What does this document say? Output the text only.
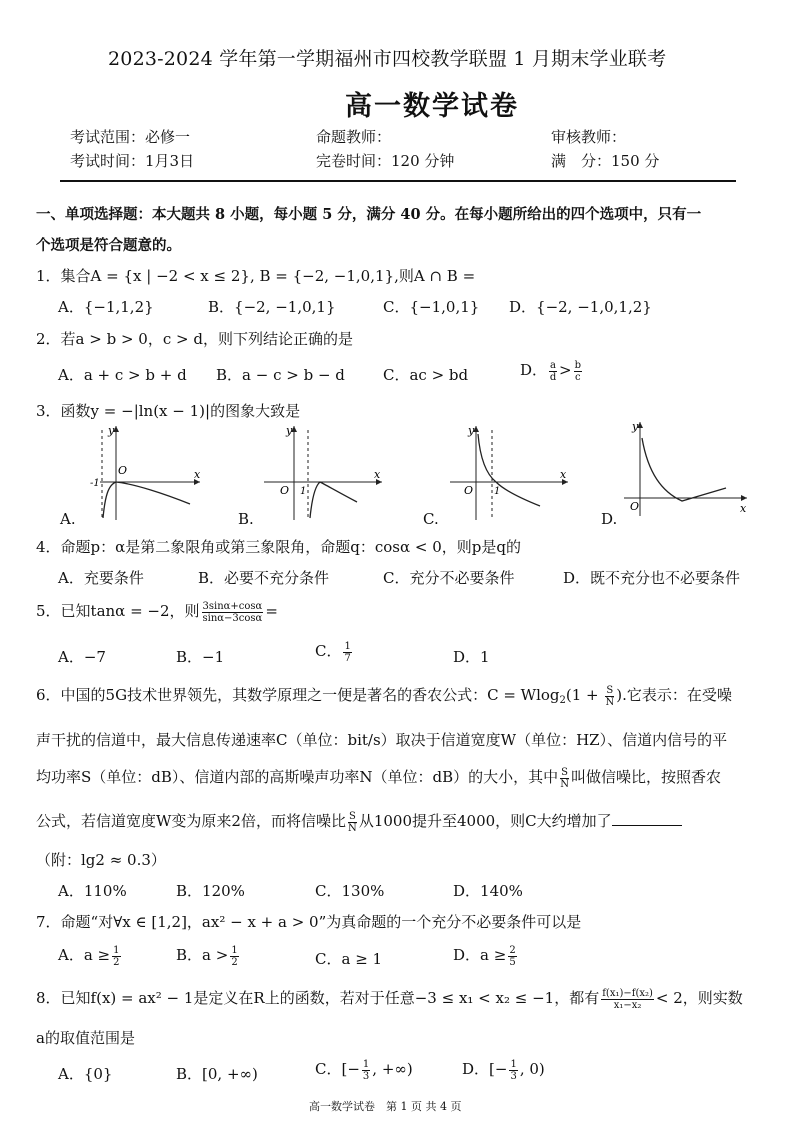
2023-2024 学年第一学期福州市四校教学联盟 1 月期末学业联考
高一数学试卷
考试范围：必修一	命题教师：	审核教师：
考试时间：1月3日	完卷时间：120 分钟	满　分：150 分
一、单项选择题：本大题共 8 小题，每小题 5 分，满分 40 分。在每小题所给出的四个选项中，只有一
个选项是符合题意的。
1．集合A = {x | −2 < x ≤ 2}, B = {−2, −1,0,1},则A ∩ B =
A．{−1,1,2}	B．{−2, −1,0,1}	C．{−1,0,1} D．{−2, −1,0,1,2}
2．若a > b > 0，c > d，则下列结论正确的是
A．a + c > b + d B．a − c > b − d	C．ac > bd	D． $\frac{a}{d} > \frac{b}{c}$
3．函数y = −|ln(x − 1)|的图象大致是
y
x
O
-1
A.
y
x
O 1
B.
y
x
O 1
C.
y
x
O
D.
4．命题p：α是第二象限角或第三象限角，命题q：cosα < 0，则p是q的
A．充要条件	B．必要不充分条件	C．充分不必要条件	D．既不充分也不必要条件
5．已知tanα = −2，则 $\frac{3\sin\alpha+\cos\alpha}{\sin\alpha-3\cos\alpha}$ =
A．−7	B．−1	C． $\frac{1}{7}$	D．1
6．中国的5G技术世界领先，其数学原理之一便是著名的香农公式：$C = Wlog_2(1 + \frac{S}{N}$ ).它表示：在受噪
声干扰的信道中，最大信息传递速率C（单位：bit/s）取决于信道宽度W（单位：HZ）、信道内信号的平
均功率S（单位：dB）、信道内部的高斯噪声功率N（单位：dB）的大小，其中 $\frac{S}{N}$ 叫做信噪比，按照香农
公式，若信道宽度W变为原来2倍，而将信噪比 $\frac{S}{N}$ 从1000提升至4000，则C大约增加了
（附：lg2 ≈ 0.3）
A．110%	B．120%	C．130%	D．140%
7．命题“对∀x ∈ [1,2]，ax² − x + a > 0”为真命题的一个充分不必要条件可以是
A．$a \ge \frac{1}{2}$	B．$a > \frac{1}{2}$	C．a ≥ 1	D．$a \ge \frac{2}{5}$
8．已知f(x) = ax² − 1是定义在R上的函数，若对于任意−3 ≤ x₁ < x₂ ≤ −1，都有 $\frac{\text{f(x₁)−f(x₂)}}{\text{x₁−x₂}} < 2$，则实数
a的取值范围是
A．{0}	B．[0, +∞)	C．[− $\frac{1}{3}$ , +∞)	D．[− $\frac{1}{3}$ , 0)
高一数学试卷　第 1 页 共 4 页
